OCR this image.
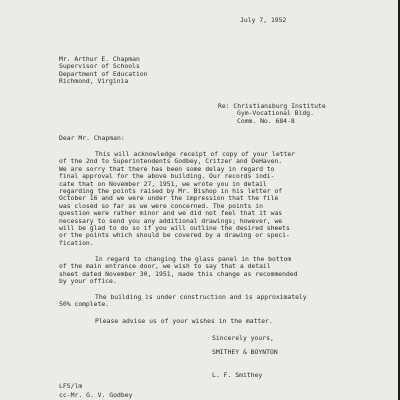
July 7, 1952
Mr. Arthur E. Chapman
Supervisor of Schools
Department of Education
Richmond, Virginia
Re: Christiansburg Institute
Gym-Vocational Bldg.
Comm. No. 684-8
Dear Mr. Chapman:
This will acknowledge receipt of copy of your letter
of the 2nd to Superintendents Godbey, Critzer and DeHaven.
We are sorry that there has been some delay in regard to
final approval for the above building. Our records indi-
cate that on November 27, 1951, we wrote you in detail
regarding the points raised by Mr. Bishop in his letter of
October 16 and we were under the impression that the file
was closed so far as we were concerned. The points in
question were rather minor and we did not feel that it was
necessary to send you any additional drawings; however, we
will be glad to do so if you will outline the desired sheets
or the points which should be covered by a drawing or speci-
fication.
In regard to changing the glass panel in the bottom
of the main entrance door, we wish to say that a detail
sheet dated November 30, 1951, made this change as recommended
by your office.
The building is under construction and is approximately
50% complete.
Please advise us of your wishes in the matter.
Sincerely yours,
SMITHEY & BOYNTON
L. F. Smithey
LFS/lm
cc-Mr. G. V. Godbey
